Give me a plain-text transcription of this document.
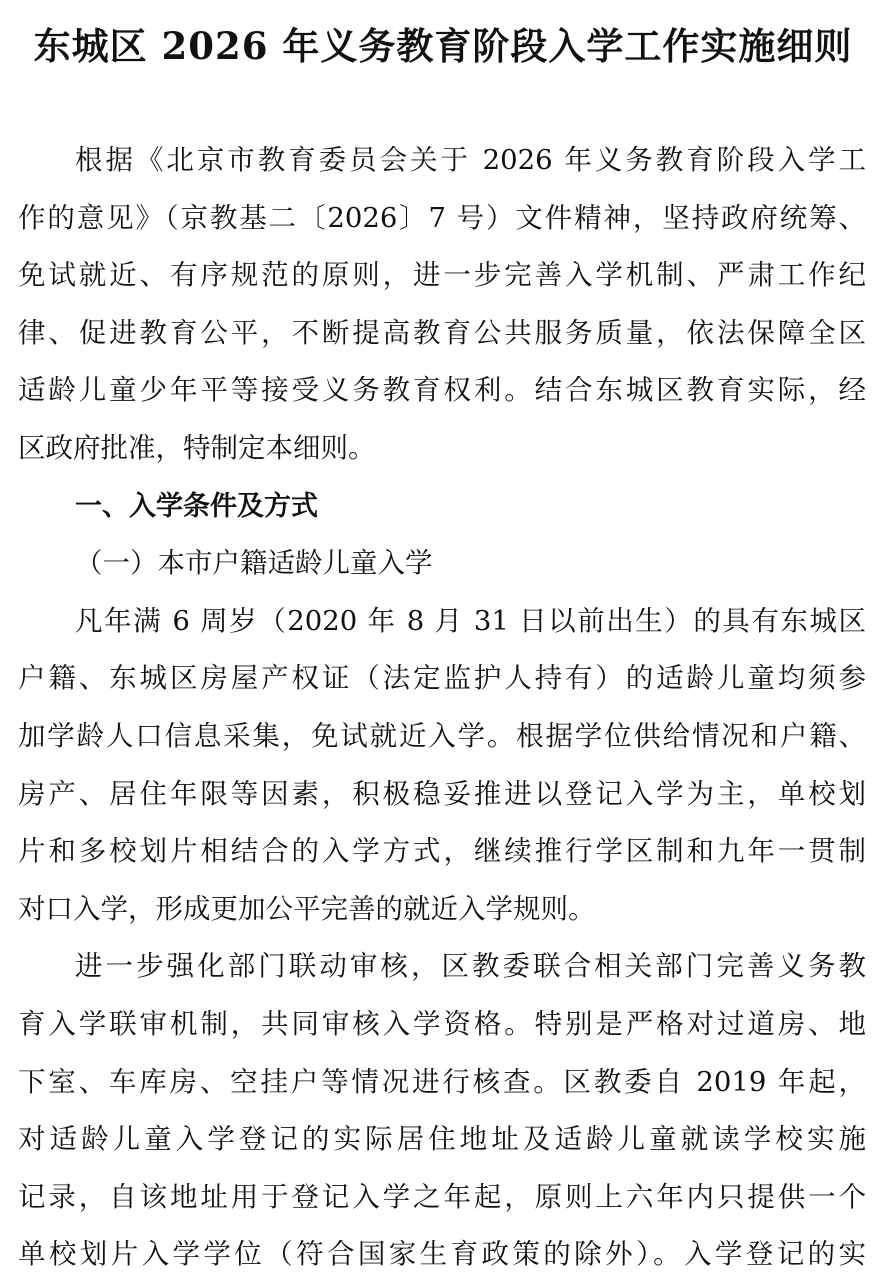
东城区 2026 年义务教育阶段入学工作实施细则
根据《北京市教育委员会关于 2026 年义务教育阶段入学工
作的意见》（京教基二〔2026〕7 号）文件精神，坚持政府统筹、
免试就近、有序规范的原则，进一步完善入学机制、严肃工作纪
律、促进教育公平，不断提高教育公共服务质量，依法保障全区
适龄儿童少年平等接受义务教育权利。结合东城区教育实际，经
区政府批准，特制定本细则。
一、入学条件及方式
（一）本市户籍适龄儿童入学
凡年满 6 周岁（2020 年 8 月 31 日以前出生）的具有东城区
户籍、东城区房屋产权证（法定监护人持有）的适龄儿童均须参
加学龄人口信息采集，免试就近入学。根据学位供给情况和户籍、
房产、居住年限等因素，积极稳妥推进以登记入学为主，单校划
片和多校划片相结合的入学方式，继续推行学区制和九年一贯制
对口入学，形成更加公平完善的就近入学规则。
进一步强化部门联动审核，区教委联合相关部门完善义务教
育入学联审机制，共同审核入学资格。特别是严格对过道房、地
下室、车库房、空挂户等情况进行核查。区教委自 2019 年起，
对适龄儿童入学登记的实际居住地址及适龄儿童就读学校实施
记录，自该地址用于登记入学之年起，原则上六年内只提供一个
单校划片入学学位（符合国家生育政策的除外）。入学登记的实
